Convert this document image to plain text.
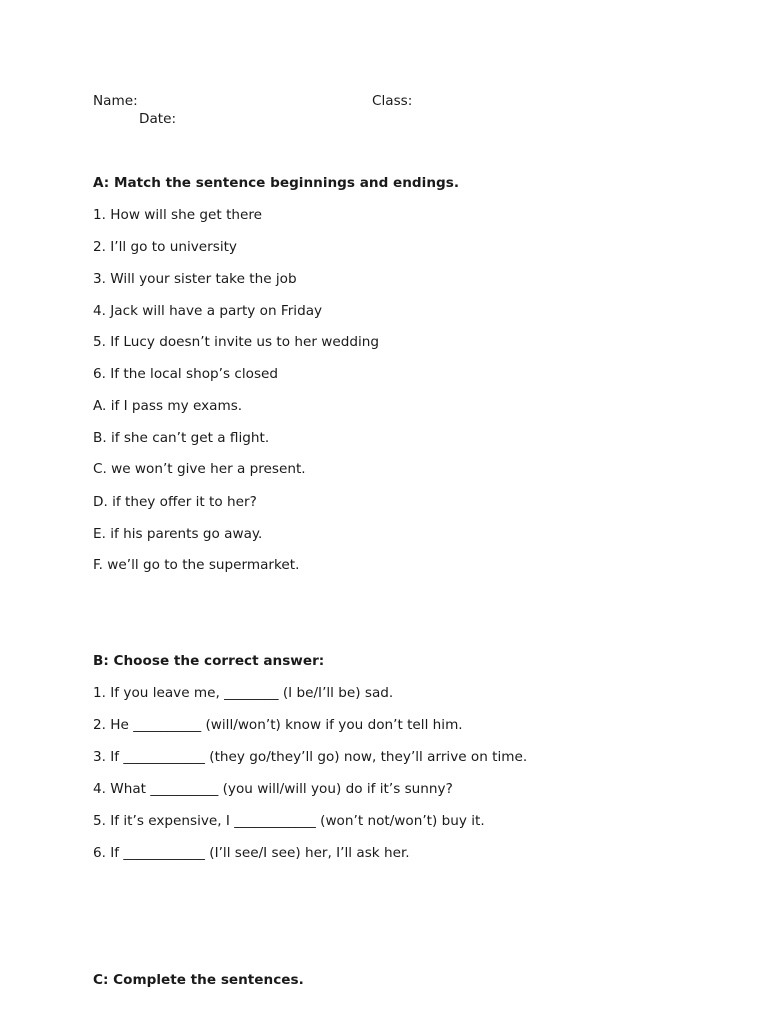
Name:	Class:
Date:
A: Match the sentence beginnings and endings.
1. How will she get there
2. I’ll go to university
3. Will your sister take the job
4. Jack will have a party on Friday
5. If Lucy doesn’t invite us to her wedding
6. If the local shop’s closed
A. if I pass my exams.
B. if she can’t get a flight.
C. we won’t give her a present.
D. if they offer it to her?
E. if his parents go away.
F. we’ll go to the supermarket.
B: Choose the correct answer:
1. If you leave me, ________ (I be/I’ll be) sad.
2. He __________ (will/won’t) know if you don’t tell him.
3. If ____________ (they go/they’ll go) now, they’ll arrive on time.
4. What __________ (you will/will you) do if it’s sunny?
5. If it’s expensive, I ____________ (won’t not/won’t) buy it.
6. If ____________ (I’ll see/I see) her, I’ll ask her.
C: Complete the sentences.
